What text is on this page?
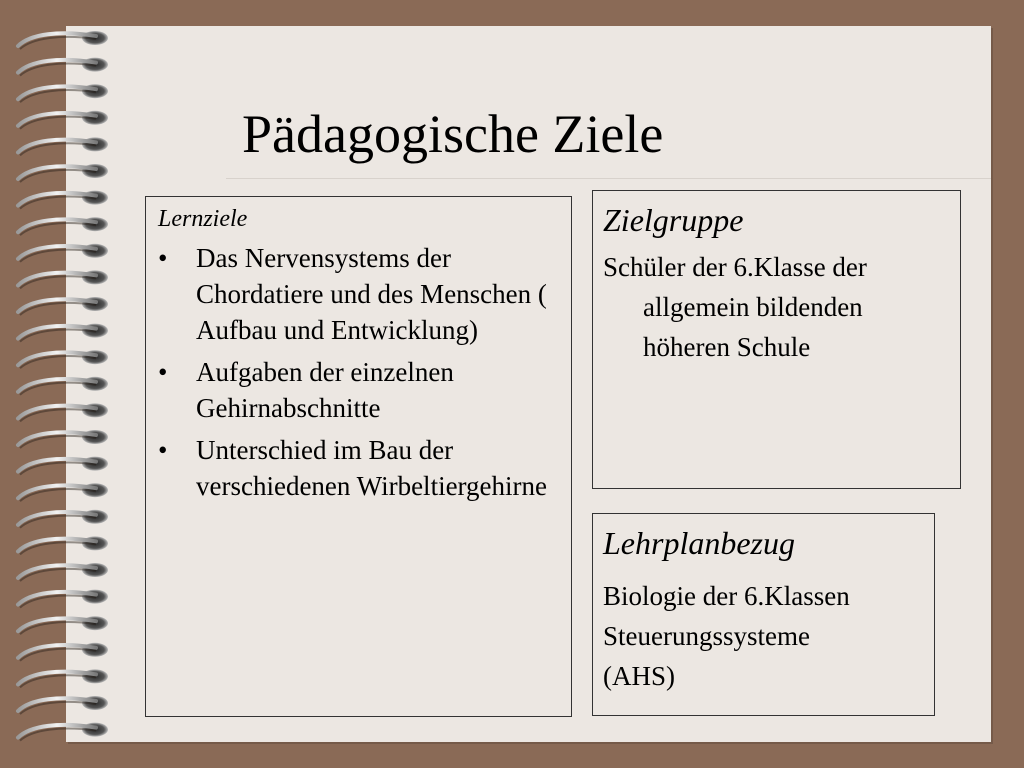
Pädagogische Ziele
Lernziele
•	Das Nervensystems der Chordatiere und des Menschen ( Aufbau und Entwicklung)
•	Aufgaben der einzelnen Gehirnabschnitte
•	Unterschied im Bau der verschiedenen Wirbeltiergehirne
Zielgruppe

Schüler der 6.Klasse der allgemein bildenden höheren Schule

Lehrplanbezug
Biologie der 6.Klassen
Steuerungssysteme
(AHS)
